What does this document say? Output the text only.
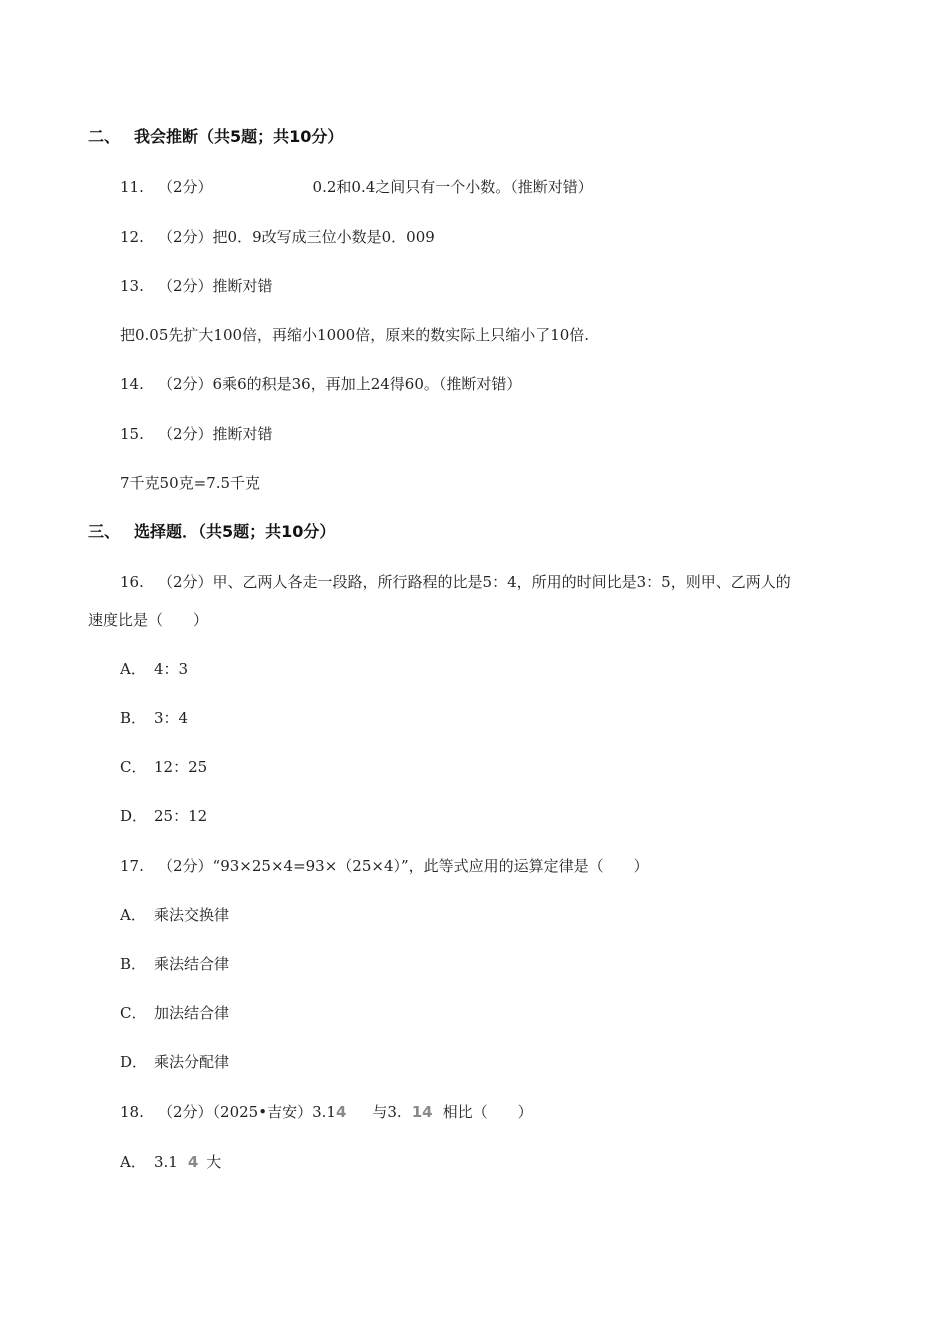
二、 我会推断（共5题；共10分）
11. （2分）	0.2和0.4之间只有一个小数。（推断对错）
12. （2分）把0．9改写成三位小数是0．009
13. （2分）推断对错
把0.05先扩大100倍，再缩小1000倍，原来的数实际上只缩小了10倍.
14. （2分）6乘6的积是36，再加上24得60。（推断对错）
15. （2分）推断对错
7千克50克=7.5千克
三、 选择题．（共5题；共10分）
16. （2分）甲、乙两人各走一段路，所行路程的比是5：4，所用的时间比是3：5，则甲、乙两人的
速度比是（　　）
A． 4：3
B． 3：4
C． 12：25
D． 25：12
17. （2分）“93×25×4=93×（25×4）”，此等式应用的运算定律是（　　）
A． 乘法交换律
B． 乘法结合律
C． 加法结合律
D． 乘法分配律
18. （2分）（2025•吉安）3.14 与3. 14 相比（　　）
A． 3.1 4 大
